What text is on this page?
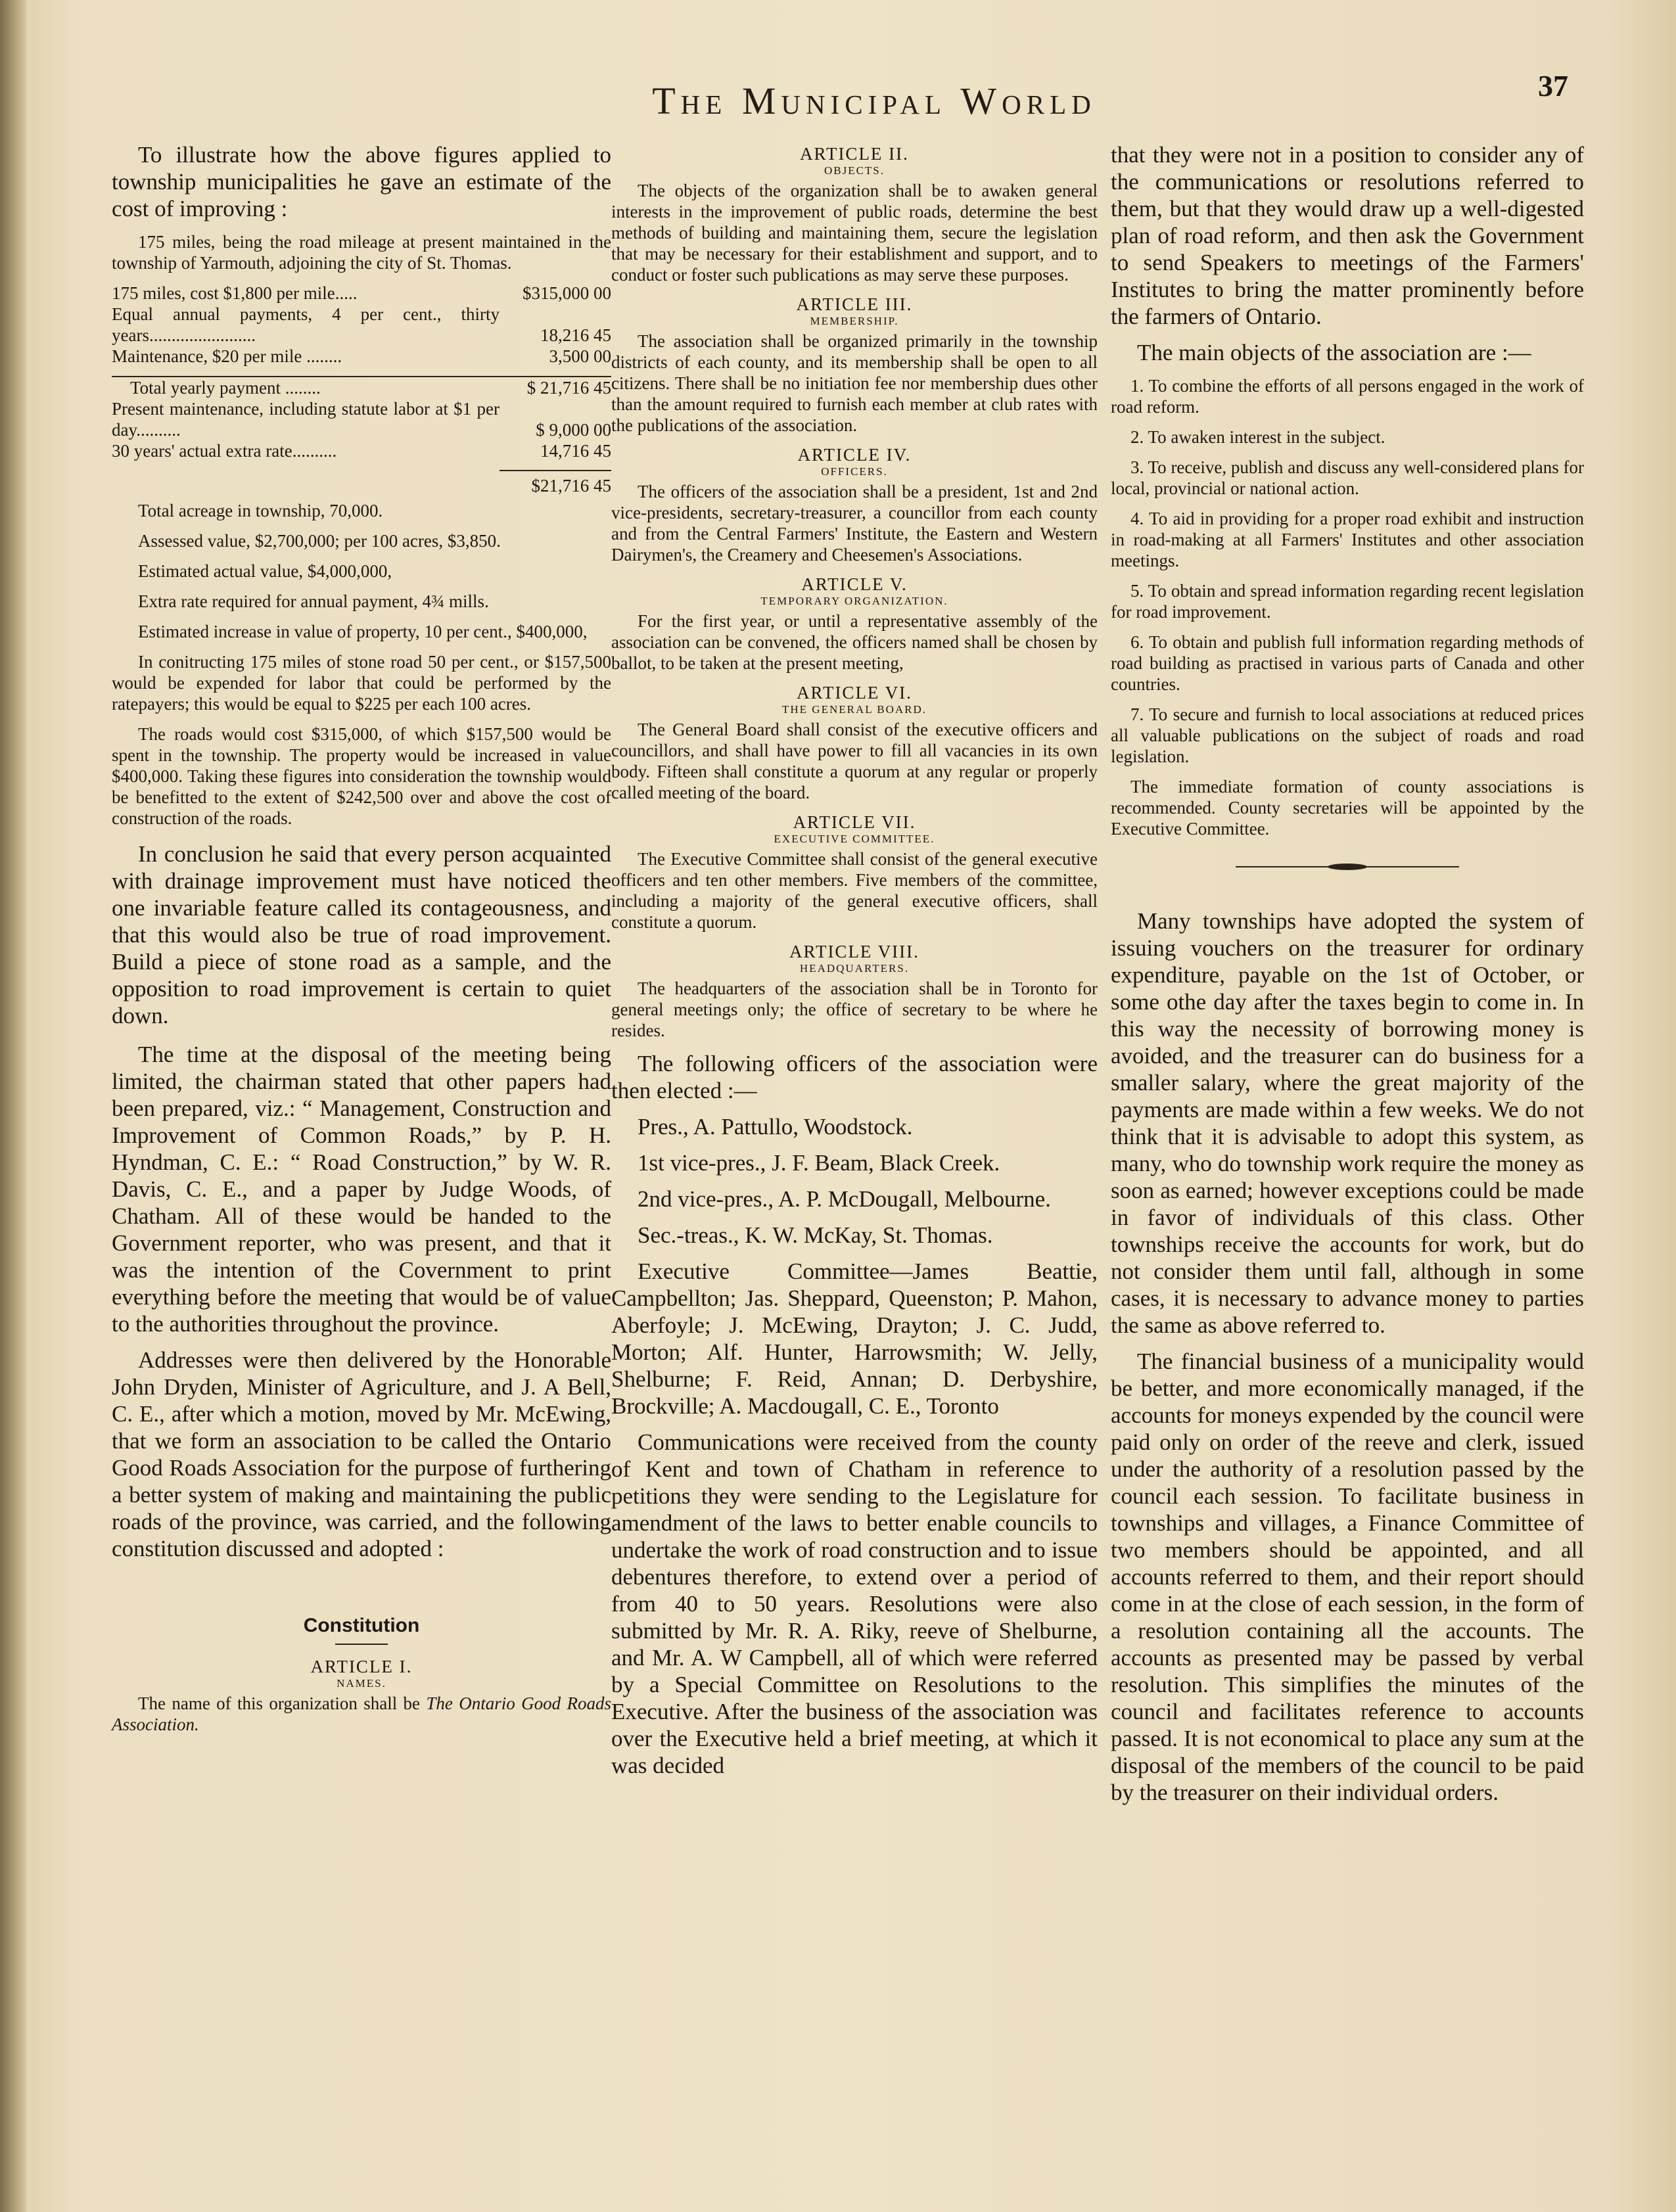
The Municipal World	37

To illustrate how the above figures applied to township municipalities he gave an estimate of the cost of improving :

175 miles, being the road mileage at present maintained in the township of Yarmouth, adjoining the city of St. Thomas.

175 miles, cost $1,800 per mile.....	$315,000 00
Equal annual payments, 4 per cent., thirty years........................	18,216 45
Maintenance, $20 per mile ........	3,500 00
Total yearly payment ........	$ 21,716 45
Present maintenance, including statute labor at $1 per day..........	$ 9,000 00
30 years' actual extra rate..........	14,716 45
	$21,716 45

Total acreage in township, 70,000.

Assessed value, $2,700,000; per 100 acres, $3,850.

Estimated actual value, $4,000,000,

Extra rate required for annual payment, 4¾ mills.

Estimated increase in value of property, 10 per cent., $400,000,

In conitructing 175 miles of stone road 50 per cent., or $157,500 would be expended for labor that could be performed by the ratepayers; this would be equal to $225 per each 100 acres.

The roads would cost $315,000, of which $157,500 would be spent in the township. The property would be increased in value $400,000. Taking these figures into consideration the township would be benefitted to the extent of $242,500 over and above the cost of construction of the roads.

In conclusion he said that every person acquainted with drainage improvement must have noticed the one invariable feature called its contageousness, and that this would also be true of road improvement. Build a piece of stone road as a sample, and the opposition to road improvement is certain to quiet down.

The time at the disposal of the meeting being limited, the chairman stated that other papers had been prepared, viz.: “ Management, Construction and Improvement of Common Roads,” by P. H. Hyndman, C. E.: “ Road Construction,” by W. R. Davis, C. E., and a paper by Judge Woods, of Chatham. All of these would be handed to the Government reporter, who was present, and that it was the intention of the Covernment to print everything before the meeting that would be of value to the authorities throughout the province.

Addresses were then delivered by the Honorable John Dryden, Minister of Agriculture, and J. A Bell, C. E., after which a motion, moved by Mr. McEwing, that we form an association to be called the Ontario Good Roads Association for the purpose of furthering a better system of making and maintaining the public roads of the province, was carried, and the following constitution discussed and adopted :

Constitution
ARTICLE I.
NAMES.

The name of this organization shall be The Ontario Good Roads Association.

ARTICLE II.
OBJECTS.

The objects of the organization shall be to awaken general interests in the improvement of public roads, determine the best methods of building and maintaining them, secure the legislation that may be necessary for their establishment and support, and to conduct or foster such publications as may serve these purposes.

ARTICLE III.
MEMBERSHIP.

The association shall be organized primarily in the township districts of each county, and its membership shall be open to all citizens. There shall be no initiation fee nor membership dues other than the amount required to furnish each member at club rates with the publications of the association.

ARTICLE IV.
OFFICERS.

The officers of the association shall be a president, 1st and 2nd vice-presidents, secretary-treasurer, a councillor from each county and from the Central Farmers' Institute, the Eastern and Western Dairymen's, the Creamery and Cheesemen's Associations.

ARTICLE V.
TEMPORARY ORGANIZATION.

For the first year, or until a representative assembly of the association can be convened, the officers named shall be chosen by ballot, to be taken at the present meeting,

ARTICLE VI.
THE GENERAL BOARD.

The General Board shall consist of the executive officers and councillors, and shall have power to fill all vacancies in its own body. Fifteen shall constitute a quorum at any regular or properly called meeting of the board.

ARTICLE VII.
EXECUTIVE COMMITTEE.

The Executive Committee shall consist of the general executive officers and ten other members. Five members of the committee, including a majority of the general executive officers, shall constitute a quorum.

ARTICLE VIII.
HEADQUARTERS.

The headquarters of the association shall be in Toronto for general meetings only; the office of secretary to be where he resides.

The following officers of the association were then elected :—

Pres., A. Pattullo, Woodstock.

1st vice-pres., J. F. Beam, Black Creek.

2nd vice-pres., A. P. McDougall, Melbourne.

Sec.-treas., K. W. McKay, St. Thomas.

Executive Committee—James Beattie, Campbellton; Jas. Sheppard, Queenston; P. Mahon, Aberfoyle; J. McEwing, Drayton; J. C. Judd, Morton; Alf. Hunter, Harrowsmith; W. Jelly, Shelburne; F. Reid, Annan; D. Derbyshire, Brockville; A. Macdougall, C. E., Toronto

Communications were received from the county of Kent and town of Chatham in reference to petitions they were sending to the Legislature for amendment of the laws to better enable councils to undertake the work of road construction and to issue debentures therefore, to extend over a period of from 40 to 50 years. Resolutions were also submitted by Mr. R. A. Riky, reeve of Shelburne, and Mr. A. W Campbell, all of which were referred by a Special Committee on Resolutions to the Executive. After the business of the association was over the Executive held a brief meeting, at which it was decided

that they were not in a position to consider any of the communications or resolutions referred to them, but that they would draw up a well-digested plan of road reform, and then ask the Government to send Speakers to meetings of the Farmers' Institutes to bring the matter prominently before the farmers of Ontario.

The main objects of the association are :—

1. To combine the efforts of all persons engaged in the work of road reform.

2. To awaken interest in the subject.

3. To receive, publish and discuss any well-considered plans for local, provincial or national action.

4. To aid in providing for a proper road exhibit and instruction in road-making at all Farmers' Institutes and other association meetings.

5. To obtain and spread information regarding recent legislation for road improvement.

6. To obtain and publish full information regarding methods of road building as practised in various parts of Canada and other countries.

7. To secure and furnish to local associations at reduced prices all valuable publications on the subject of roads and road legislation.

The immediate formation of county associations is recommended. County secretaries will be appointed by the Executive Committee.

Many townships have adopted the system of issuing vouchers on the treasurer for ordinary expenditure, payable on the 1st of October, or some othe day after the taxes begin to come in. In this way the necessity of borrowing money is avoided, and the treasurer can do business for a smaller salary, where the great majority of the payments are made within a few weeks. We do not think that it is advisable to adopt this system, as many, who do township work require the money as soon as earned; however exceptions could be made in favor of individuals of this class. Other townships receive the accounts for work, but do not consider them until fall, although in some cases, it is necessary to advance money to parties the same as above referred to.

The financial business of a municipality would be better, and more economically managed, if the accounts for moneys expended by the council were paid only on order of the reeve and clerk, issued under the authority of a resolution passed by the council each session. To facilitate business in townships and villages, a Finance Committee of two members should be appointed, and all accounts referred to them, and their report should come in at the close of each session, in the form of a resolution containing all the accounts. The accounts as presented may be passed by verbal resolution. This simplifies the minutes of the council and facilitates reference to accounts passed. It is not economical to place any sum at the disposal of the members of the council to be paid by the treasurer on their individual orders.
